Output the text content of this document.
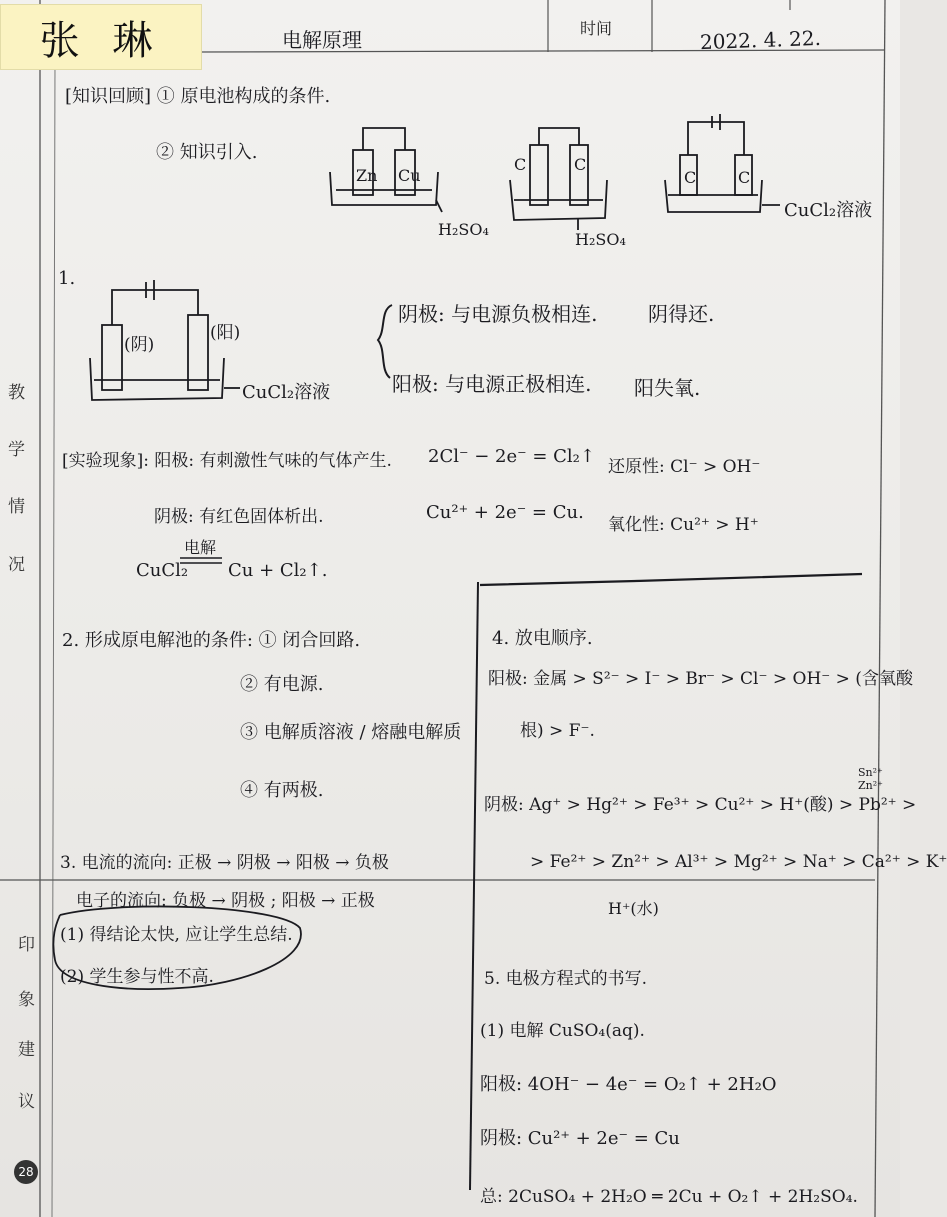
张 琳	电解原理	时间	2022. 4. 22.
教
学
情
况
印
象
建
议
[知识回顾] ① 原电池构成的条件.
② 知识引入.
Zn Cu
H₂SO₄
C	C
H₂SO₄
C	C
CuCl₂溶液
1.
(阴)
(阳)
CuCl₂溶液
阴极: 与电源负极相连.	阴得还.
阳极: 与电源正极相连. 阳失氧.
[实验现象]: 阳极: 有刺激性气味的气体产生. 2Cl⁻ − 2e⁻ = Cl₂↑ 还原性: Cl⁻ > OH⁻
阴极: 有红色固体析出.	Cu²⁺ + 2e⁻ = Cu.
氧化性: Cu²⁺ > H⁺
CuCl₂
电解
Cu + Cl₂↑.
2. 形成原电解池的条件: ① 闭合回路.
② 有电源.
③ 电解质溶液 / 熔融电解质
④ 有两极.
3. 电流的流向: 正极 → 阴极 → 阳极 → 负极
电子的流向: 负极 → 阴极 ; 阳极 → 正极
4. 放电顺序.
阳极: 金属 > S²⁻ > I⁻ > Br⁻ > Cl⁻ > OH⁻ > (含氧酸
根) > F⁻.
阴极: Ag⁺ > Hg²⁺ > Fe³⁺ > Cu²⁺ > H⁺(酸) > Pb²⁺ >
Sn²⁺ Zn²⁺
> Fe²⁺ > Zn²⁺ > Al³⁺ > Mg²⁺ > Na⁺ > Ca²⁺ > K⁺
H⁺(水)
(1) 得结论太快, 应让学生总结.
(2) 学生参与性不高.	5. 电极方程式的书写.
(1) 电解 CuSO₄(aq).
阳极: 4OH⁻ − 4e⁻ = O₂↑ + 2H₂O
阴极: Cu²⁺ + 2e⁻ = Cu
总: 2CuSO₄ + 2H₂O ═ 2Cu + O₂↑ + 2H₂SO₄.
28
